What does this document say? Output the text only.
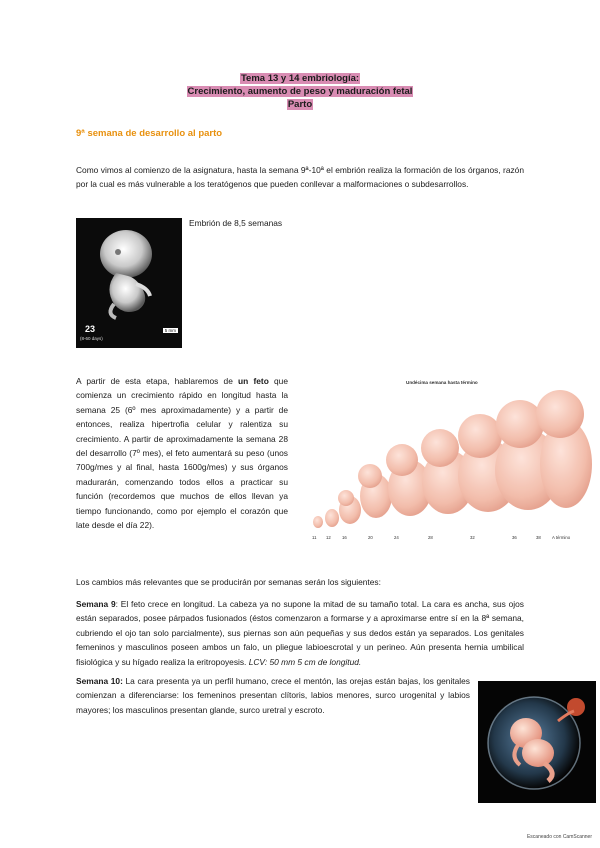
Tema 13 y 14 embriología:
Crecimiento, aumento de peso y maduración fetal
Parto
9ª semana de desarrollo al parto
Como vimos al comienzo de la asignatura, hasta la semana 9ª-10ª el embrión realiza la formación de los órganos, razón por la cual es más vulnerable a los teratógenos que pueden conllevar a malformaciones o subdesarrollos.
23
(8-60 days)
5 mm
Embrión de 8,5 semanas
A partir de esta etapa, hablaremos de un feto que comienza un crecimiento rápido en longitud hasta la semana 25 (6º mes aproximadamente) y a partir de entonces, realiza hipertrofia celular y ralentiza su crecimiento. A partir de aproximadamente la semana 28 del desarrollo (7º mes), el feto aumentará su peso (unos 700g/mes y al final, hasta 1600g/mes) y sus órganos madurarán, comenzando todos ellos a practicar su función (recordemos que muchos de ellos llevan ya tiempo funcionando, como por ejemplo el corazón que late desde el día 22).
Undécima semana hasta término
11 12	16	20	24	28	32	36	38	A término
Los cambios más relevantes que se producirán por semanas serán los siguientes:
Semana 9: El feto crece en longitud. La cabeza ya no supone la mitad de su tamaño total. La cara es ancha, sus ojos están separados, posee párpados fusionados (éstos comenzaron a formarse y a aproximarse entre sí en la 8ª semana, cubriendo el ojo tan solo parcialmente), sus piernas son aún pequeñas y sus dedos están ya separados. Los genitales femeninos y masculinos poseen ambos un falo, un pliegue labioescrotal y un perineo. Aún presenta hernia umbilical fisiológica y su hígado realiza la eritropoyesis. LCV: 50 mm 5 cm de longitud.
Semana 10: La cara presenta ya un perfil humano, crece el mentón, las orejas están bajas, los genitales comienzan a diferenciarse: los femeninos presentan clítoris, labios menores, surco urogenital y labios mayores; los masculinos presentan glande, surco uretral y escroto.
Escaneado con CamScanner
